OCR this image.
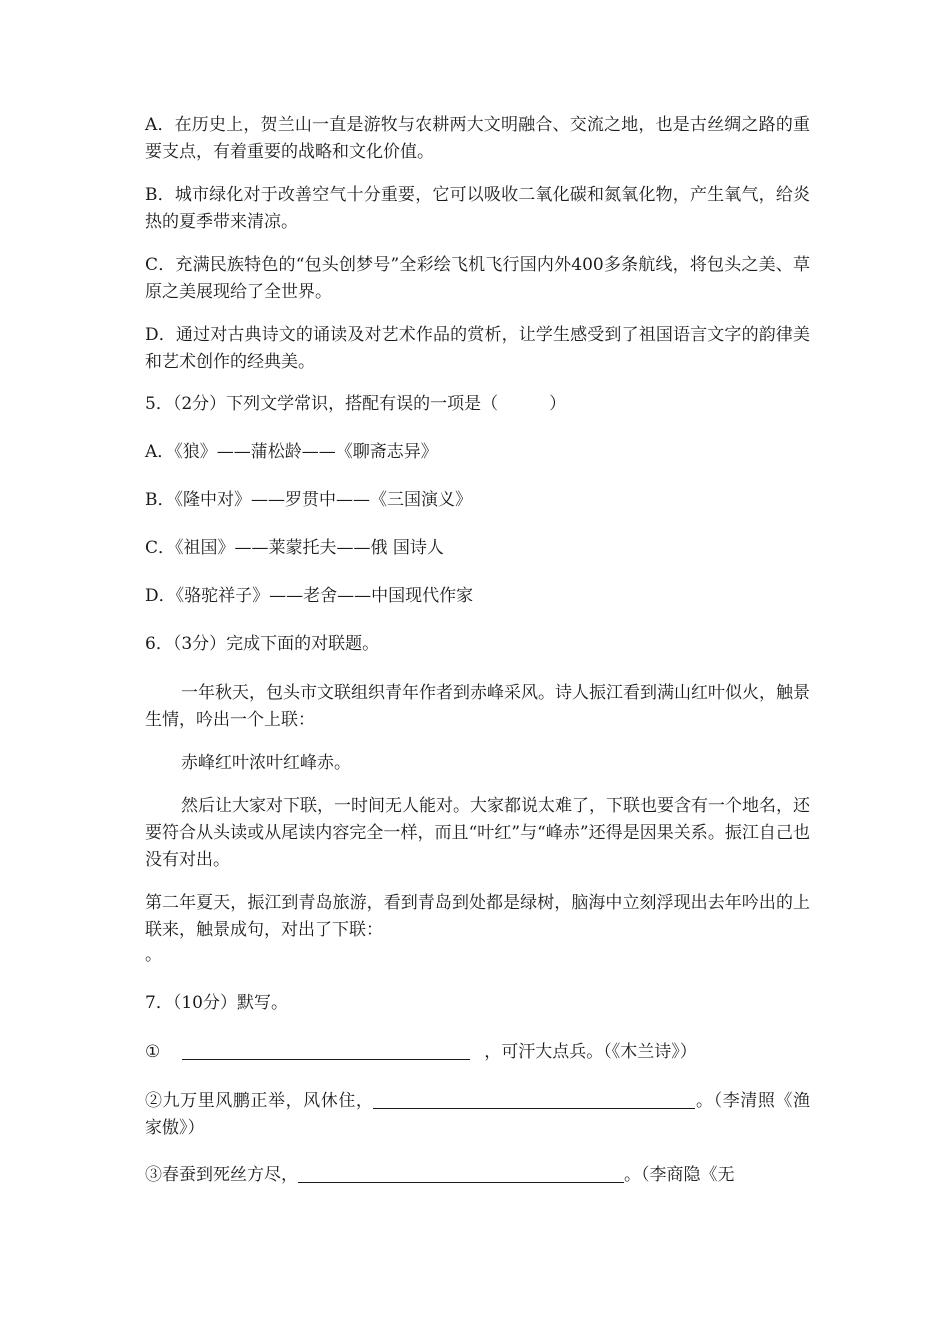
A．在历史上，贺兰山一直是游牧与农耕两大文明融合、交流之地，也是古丝绸之路的重要支点，有着重要的战略和文化价值。

B．城市绿化对于改善空气十分重要，它可以吸收二氧化碳和氮氧化物，产生氧气，给炎热的夏季带来清凉。

C．充满民族特色的“包头创梦号”全彩绘飞机飞行国内外400多条航线，将包头之美、草原之美展现给了全世界。

D．通过对古典诗文的诵读及对艺术作品的赏析，让学生感受到了祖国语言文字的韵律美和艺术创作的经典美。

5．（2分）下列文学常识，搭配有误的一项是（　　　）

A．《狼》——蒲松龄——《聊斋志异》

B．《隆中对》——罗贯中——《三国演义》

C．《祖国》——莱蒙托夫——俄 国诗人

D．《骆驼祥子》——老舍——中国现代作家

6．（3分）完成下面的对联题。

一年秋天，包头市文联组织青年作者到赤峰采风。诗人振江看到满山红叶似火，触景生情，吟出一个上联：

赤峰红叶浓叶红峰赤。

然后让大家对下联，一时间无人能对。大家都说太难了，下联也要含有一个地名，还要符合从头读或从尾读内容完全一样，而且“叶红”与“峰赤”还得是因果关系。振江自己也没有对出。

第二年夏天，振江到青岛旅游，看到青岛到处都是绿树，脑海中立刻浮现出去年吟出的上联来，触景成句，对出了下联：

。

7．（10分）默写。

①	，可汗大点兵。（《木兰诗》）

②九万里风鹏正举，风休住，	。（李清照《渔家傲》）

③春蚕到死丝方尽，	。（李商隐《无
